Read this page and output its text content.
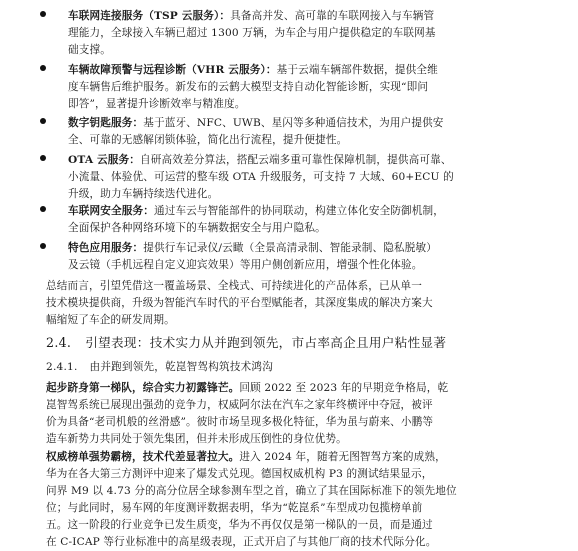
车联网连接服务（TSP 云服务）：具备高并发、高可靠的车联网接入与车辆管
理能力，全球接入车辆已超过 1300 万辆，为车企与用户提供稳定的车联网基
础支撑。
车辆故障预警与远程诊断（VHR 云服务）：基于云端车辆部件数据，提供全维
度车辆售后维护服务。新发布的云鹤大模型支持自动化智能诊断，实现“即问
即答”，显著提升诊断效率与精准度。
数字钥匙服务：基于蓝牙、NFC、UWB、星闪等多种通信技术，为用户提供安
全、可靠的无感解闭锁体验，简化出行流程，提升便捷性。
OTA 云服务：自研高效差分算法，搭配云端多重可靠性保障机制，提供高可靠、
小流量、体验优、可运营的整车级 OTA 升级服务，可支持 7 大域、60+ECU 的
升级，助力车辆持续迭代进化。
车联网安全服务：通过车云与智能部件的协同联动，构建立体化安全防御机制，
全面保护各种网络环境下的车辆数据安全与用户隐私。
特色应用服务：提供行车记录仪/云瞰（全景高清录制、智能录制、隐私脱敏）
及云镜（手机远程自定义迎宾效果）等用户侧创新应用，增强个性化体验。
总结而言，引望凭借这一覆盖场景、全栈式、可持续进化的产品体系，已从单一
技术模块提供商，升级为智能汽车时代的平台型赋能者，其深度集成的解决方案大
幅缩短了车企的研发周期。
2.4. 引望表现：技术实力从并跑到领先，市占率高企且用户粘性显著
2.4.1. 由并跑到领先，乾崑智驾构筑技术鸿沟
起步跻身第一梯队，综合实力初露锋芒。回顾 2022 至 2023 年的早期竞争格局，乾
崑智驾系统已展现出强劲的竞争力，权威阿尔法在汽车之家年终横评中夺冠，被评
价为具备“老司机般的丝滑感”。彼时市场呈现多极化特征，华为虽与蔚来、小鹏等
造车新势力共同处于领先集团，但并未形成压倒性的身位优势。
权威榜单强势霸榜，技术代差显著拉大。进入 2024 年，随着无图智驾方案的成熟，
华为在各大第三方测评中迎来了爆发式兑现。德国权威机构 P3 的测试结果显示，
问界 M9 以 4.73 分的高分位居全球参测车型之首，确立了其在国际标准下的领先地位
位；与此同时，易车网的年度测评数据表明，华为“乾崑系”车型成功包揽榜单前
五。这一阶段的行业竞争已发生质变，华为不再仅仅是第一梯队的一员，而是通过
在 C-ICAP 等行业标准中的高星级表现，正式开启了与其他厂商的技术代际分化。
